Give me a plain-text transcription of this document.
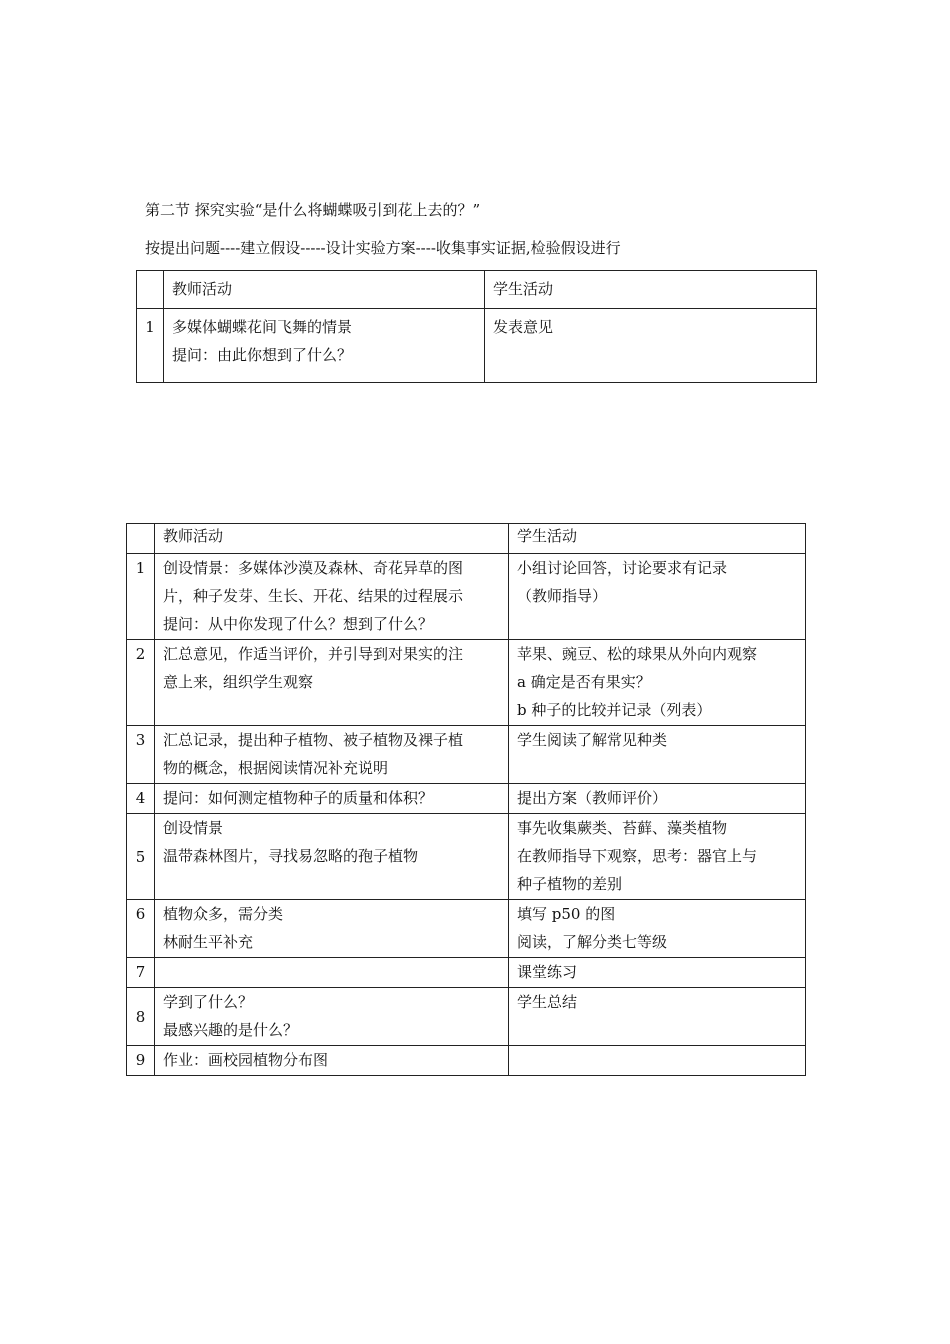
第二节 探究实验“是什么将蝴蝶吸引到花上去的？”
按提出问题----建立假设-----设计实验方案----收集事实证据,检验假设进行
	教师活动	学生活动
1	多媒体蝴蝶花间飞舞的情景
提问：由此你想到了什么？	发表意见
	教师活动	学生活动
1	创设情景：多媒体沙漠及森林、奇花异草的图
片，种子发芽、生长、开花、结果的过程展示
提问：从中你发现了什么？想到了什么？	小组讨论回答，讨论要求有记录
（教师指导）

2	汇总意见，作适当评价，并引导到对果实的注
意上来，组织学生观察	苹果、豌豆、松的球果从外向内观察
a 确定是否有果实？
b 种子的比较并记录（列表）

3	汇总记录，提出种子植物、被子植物及裸子植
物的概念，根据阅读情况补充说明	学生阅读了解常见种类

4	提问：如何测定植物种子的质量和体积？	提出方案（教师评价）

5	创设情景
温带森林图片，寻找易忽略的孢子植物	事先收集蕨类、苔藓、藻类植物
在教师指导下观察，思考：器官上与
种子植物的差别

6	植物众多，需分类
林耐生平补充	填写 p50 的图
阅读，了解分类七等级

7		课堂练习

8	学到了什么？
最感兴趣的是什么？	学生总结

9	作业：画校园植物分布图	
